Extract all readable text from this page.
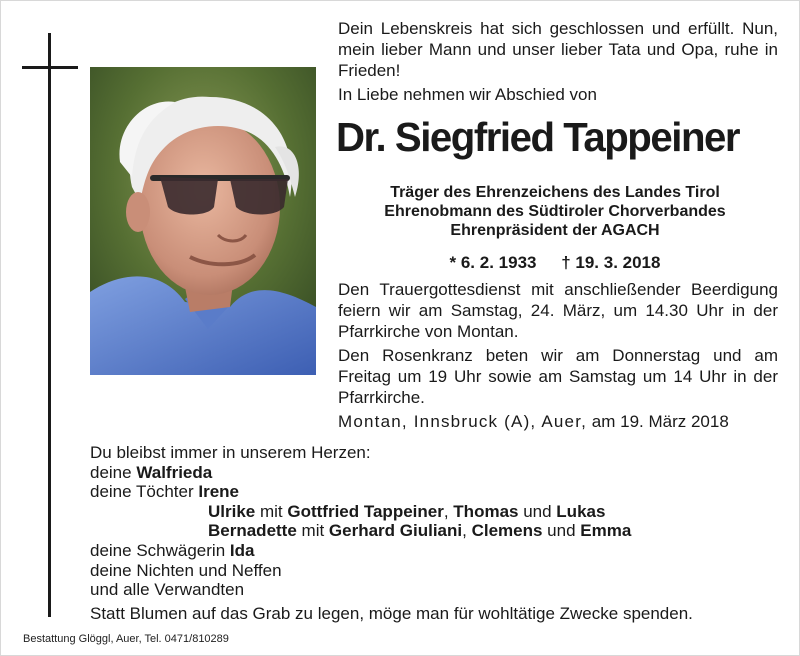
Dein Lebenskreis hat sich geschlossen und erfüllt. Nun, mein lieber Mann und unser lieber Tata und Opa, ruhe in Frieden!

In Liebe nehmen wir Abschied von

Dr. Siegfried Tappeiner
Träger des Ehrenzeichens des Landes Tirol
Ehrenobmann des Südtiroler Chorverbandes
Ehrenpräsident der AGACH
* 6. 2. 1933 † 19. 3. 2018

Den Trauergottesdienst mit anschließender Beerdigung feiern wir am Samstag, 24. März, um 14.30 Uhr in der Pfarrkirche von Montan.

Den Rosenkranz beten wir am Donnerstag und am Freitag um 19 Uhr sowie am Samstag um 14 Uhr in der Pfarrkirche.

Montan, Innsbruck (A), Auer, am 19. März 2018
Du bleibst immer in unserem Herzen:
deine Walfrieda
deine Töchter Irene
Ulrike mit Gottfried Tappeiner, Thomas und Lukas
Bernadette mit Gerhard Giuliani, Clemens und Emma
deine Schwägerin Ida
deine Nichten und Neffen
und alle Verwandten

Statt Blumen auf das Grab zu legen, möge man für wohltätige Zwecke spenden.

Bestattung Glöggl, Auer, Tel. 0471/810289
